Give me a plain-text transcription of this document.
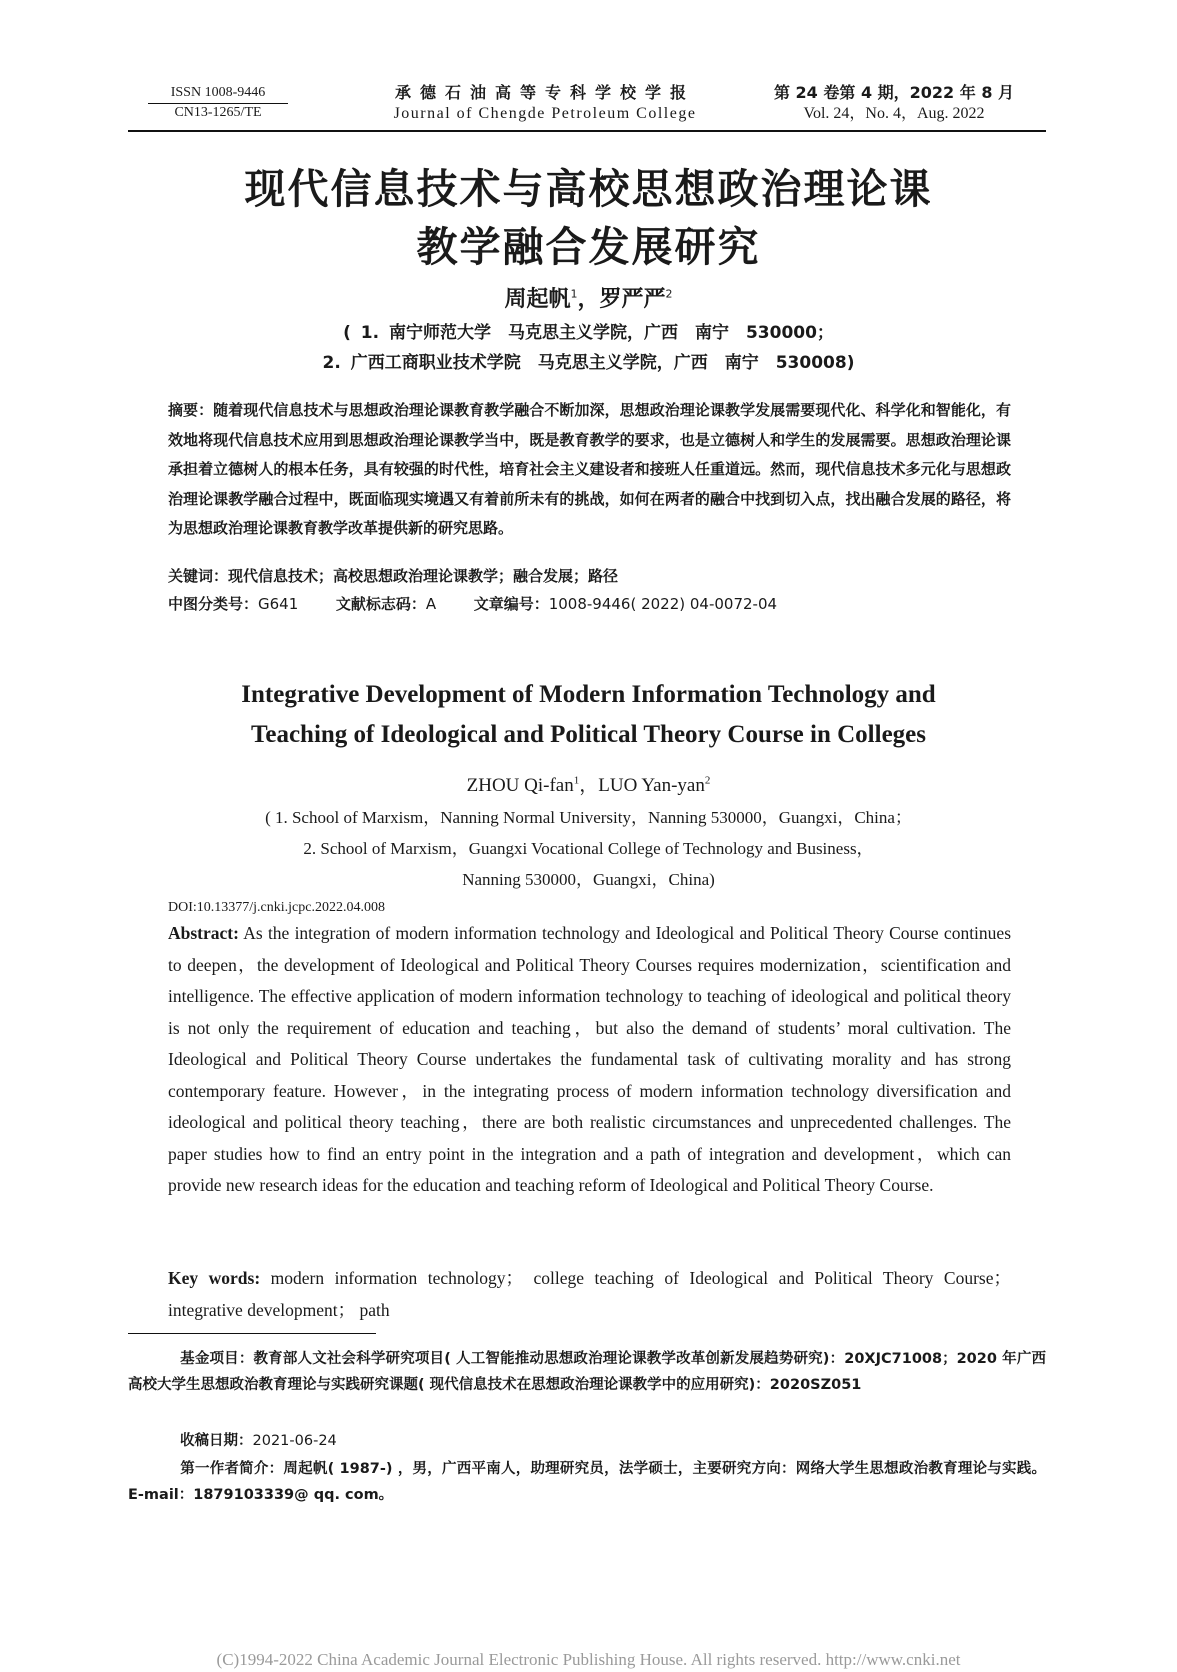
ISSN 1008-9446
CN13-1265/TE
承德石油高等专科学校学报
Journal of Chengde Petroleum College
第 24 卷第 4 期，2022 年 8 月
Vol. 24，No. 4，Aug. 2022
现代信息技术与高校思想政治理论课
教学融合发展研究
周起帆$^1$，罗严严$^2$
( 1. 南宁师范大学　马克思主义学院，广西　南宁　530000；
2. 广西工商职业技术学院　马克思主义学院，广西　南宁　530008)
摘要：随着现代信息技术与思想政治理论课教育教学融合不断加深，思想政治理论课教学发展需要现代化、科学化和智能化，有效地将现代信息技术应用到思想政治理论课教学当中，既是教育教学的要求，也是立德树人和学生的发展需要。思想政治理论课承担着立德树人的根本任务，具有较强的时代性，培育社会主义建设者和接班人任重道远。然而，现代信息技术多元化与思想政治理论课教学融合过程中，既面临现实境遇又有着前所未有的挑战，如何在两者的融合中找到切入点，找出融合发展的路径，将为思想政治理论课教育教学改革提供新的研究思路。
关键词：现代信息技术；高校思想政治理论课教学；融合发展；路径
中图分类号：G641	文献标志码：A	文章编号：1008-9446( 2022) 04-0072-04
Integrative Development of Modern Information Technology and
Teaching of Ideological and Political Theory Course in Colleges
ZHOU Qi-fan$^1$，LUO Yan-yan$^2$
( 1. School of Marxism，Nanning Normal University，Nanning 530000，Guangxi，China；
2. School of Marxism，Guangxi Vocational College of Technology and Business，
Nanning 530000，Guangxi，China)
DOI:10.13377/j.cnki.jcpc.2022.04.008
Abstract: As the integration of modern information technology and Ideological and Political Theory Course continues to deepen，the development of Ideological and Political Theory Courses requires modernization，scientification and intelligence. The effective application of modern information technology to teaching of ideological and political theory is not only the requirement of education and teaching，but also the demand of students’ moral cultivation. The Ideological and Political Theory Course undertakes the fundamental task of cultivating morality and has strong contemporary feature. However，in the integrating process of modern information technology diversification and ideological and political theory teaching，there are both realistic circumstances and unprecedented challenges. The paper studies how to find an entry point in the integration and a path of integration and development，which can provide new research ideas for the education and teaching reform of Ideological and Political Theory Course.
Key words: modern information technology； college teaching of Ideological and Political Theory Course； integrative development； path
基金项目：教育部人文社会科学研究项目( 人工智能推动思想政治理论课教学改革创新发展趋势研究)：20XJC71008；2020 年广西高校大学生思想政治教育理论与实践研究课题( 现代信息技术在思想政治理论课教学中的应用研究)：2020SZ051
收稿日期：2021-06-24
第一作者简介：周起帆( 1987-) ，男，广西平南人，助理研究员，法学硕士，主要研究方向：网络大学生思想政治教育理论与实践。E-mail：1879103339@ qq. com。
(C)1994-2022 China Academic Journal Electronic Publishing House. All rights reserved. http://www.cnki.net
